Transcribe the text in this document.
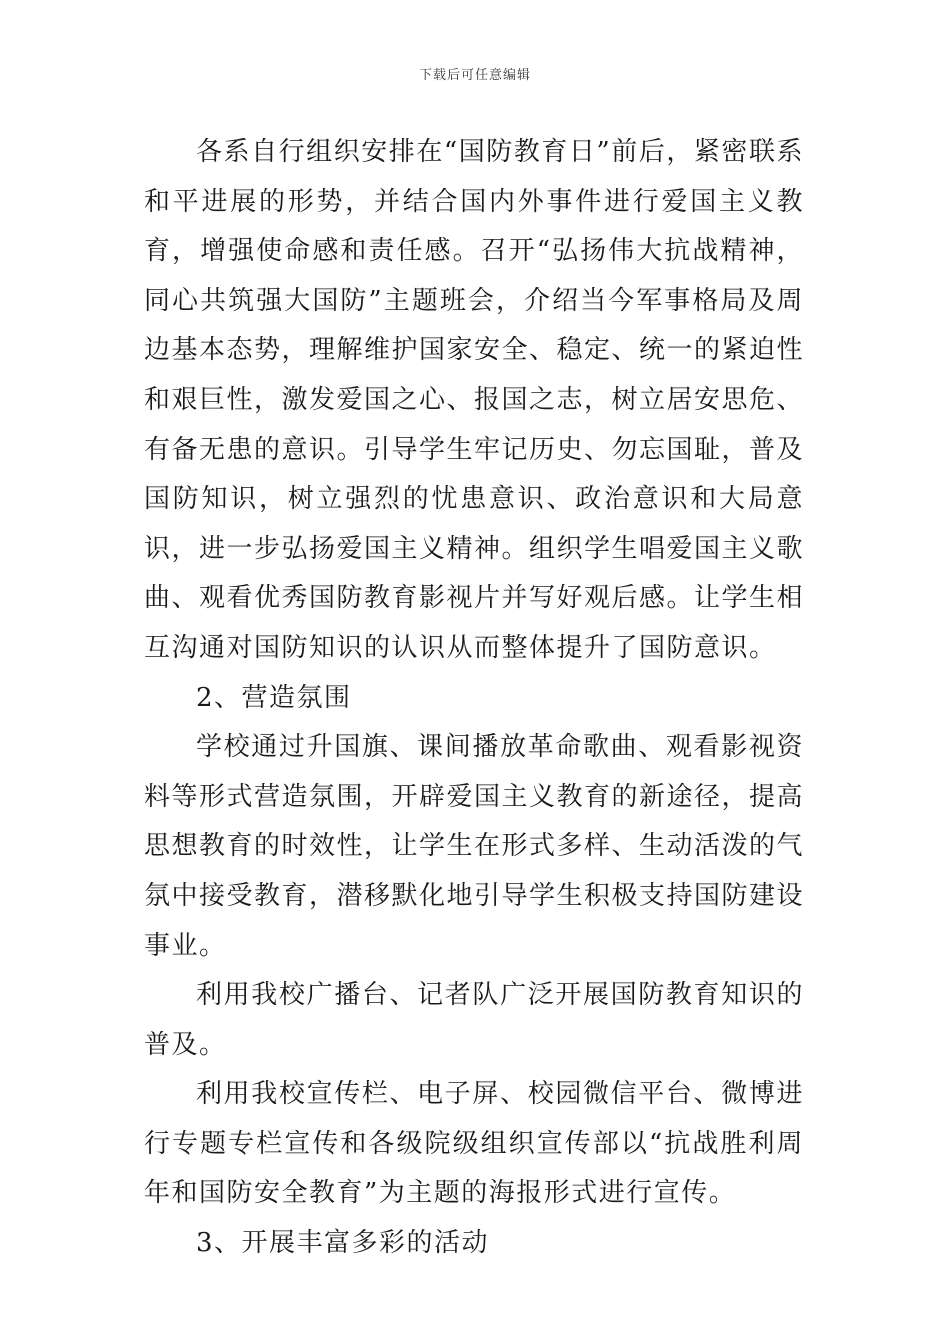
下载后可任意编辑

各系自行组织安排在“国防教育日”前后，紧密联系和平进展的形势，并结合国内外事件进行爱国主义教育，增强使命感和责任感。召开“弘扬伟大抗战精神，同心共筑强大国防”主题班会，介绍当今军事格局及周边基本态势，理解维护国家安全、稳定、统一的紧迫性和艰巨性，激发爱国之心、报国之志，树立居安思危、有备无患的意识。引导学生牢记历史、勿忘国耻，普及国防知识，树立强烈的忧患意识、政治意识和大局意识，进一步弘扬爱国主义精神。组织学生唱爱国主义歌曲、观看优秀国防教育影视片并写好观后感。让学生相互沟通对国防知识的认识从而整体提升了国防意识。

2、营造氛围

学校通过升国旗、课间播放革命歌曲、观看影视资料等形式营造氛围，开辟爱国主义教育的新途径，提高思想教育的时效性，让学生在形式多样、生动活泼的气氛中接受教育，潜移默化地引导学生积极支持国防建设事业。

利用我校广播台、记者队广泛开展国防教育知识的普及。

利用我校宣传栏、电子屏、校园微信平台、微博进行专题专栏宣传和各级院级组织宣传部以“抗战胜利周年和国防安全教育”为主题的海报形式进行宣传。

3、开展丰富多彩的活动
